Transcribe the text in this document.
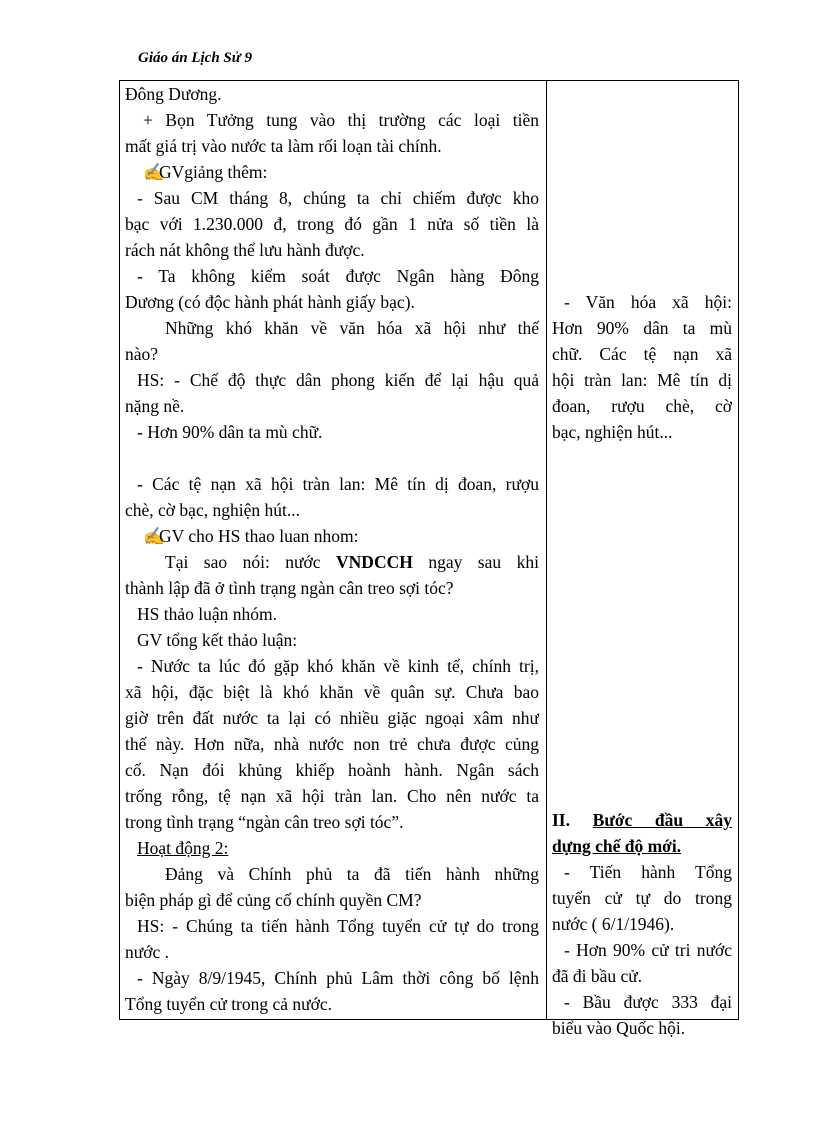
Giáo án Lịch Sử 9
Đông Dương.
+ Bọn Tưởng tung vào thị trường các loại tiền
mất giá trị vào nước ta làm rối loạn tài chính.
✍GVgiảng thêm:
- Sau CM tháng 8, chúng ta chỉ chiếm được kho
bạc với 1.230.000 đ, trong đó gần 1 nửa số tiền là
rách nát không thể lưu hành được.
- Ta không kiểm soát được Ngân hàng Đông
Dương (có độc hành phát hành giấy bạc).
Những khó khăn về văn hóa xã hội như thế
nào?
HS: - Chế độ thực dân phong kiến để lại hậu quả
nặng nề.
- Hơn 90% dân ta mù chữ.
- Các tệ nạn xã hội tràn lan: Mê tín dị đoan, rượu
chè, cờ bạc, nghiện hút...
✍GV cho HS thao luan nhom:
Tại sao nói: nước VNDCCH ngay sau khi
thành lập đã ở tình trạng ngàn cân treo sợi tóc?
HS thảo luận nhóm.
GV tổng kết thảo luận:
- Nước ta lúc đó gặp khó khăn về kinh tế, chính trị,
xã hội, đặc biệt là khó khăn về quân sự. Chưa bao
giờ trên đất nước ta lại có nhiều giặc ngoại xâm như
thế này. Hơn nữa, nhà nước non trẻ chưa được củng
cố. Nạn đói khủng khiếp hoành hành. Ngân sách
trống rỗng, tệ nạn xã hội tràn lan. Cho nên nước ta
trong tình trạng “ngàn cân treo sợi tóc”.
Hoạt động 2:
Đảng và Chính phủ ta đã tiến hành những
biện pháp gì để củng cố chính quyền CM?
HS: - Chúng ta tiến hành Tổng tuyển cử tự do trong
nước .
- Ngày 8/9/1945, Chính phủ Lâm thời công bố lệnh
Tổng tuyển cử trong cả nước.
- Văn hóa xã hội:
Hơn 90% dân ta mù
chữ. Các tệ nạn xã
hội tràn lan: Mê tín dị
đoan, rượu chè, cờ
bạc, nghiện hút...
II. Bước đầu xây
dựng chế độ mới.
- Tiến hành Tổng
tuyển cử tự do trong
nước ( 6/1/1946).
- Hơn 90% cử tri nước
đã đi bầu cử.
- Bầu được 333 đại
biểu vào Quốc hội.
